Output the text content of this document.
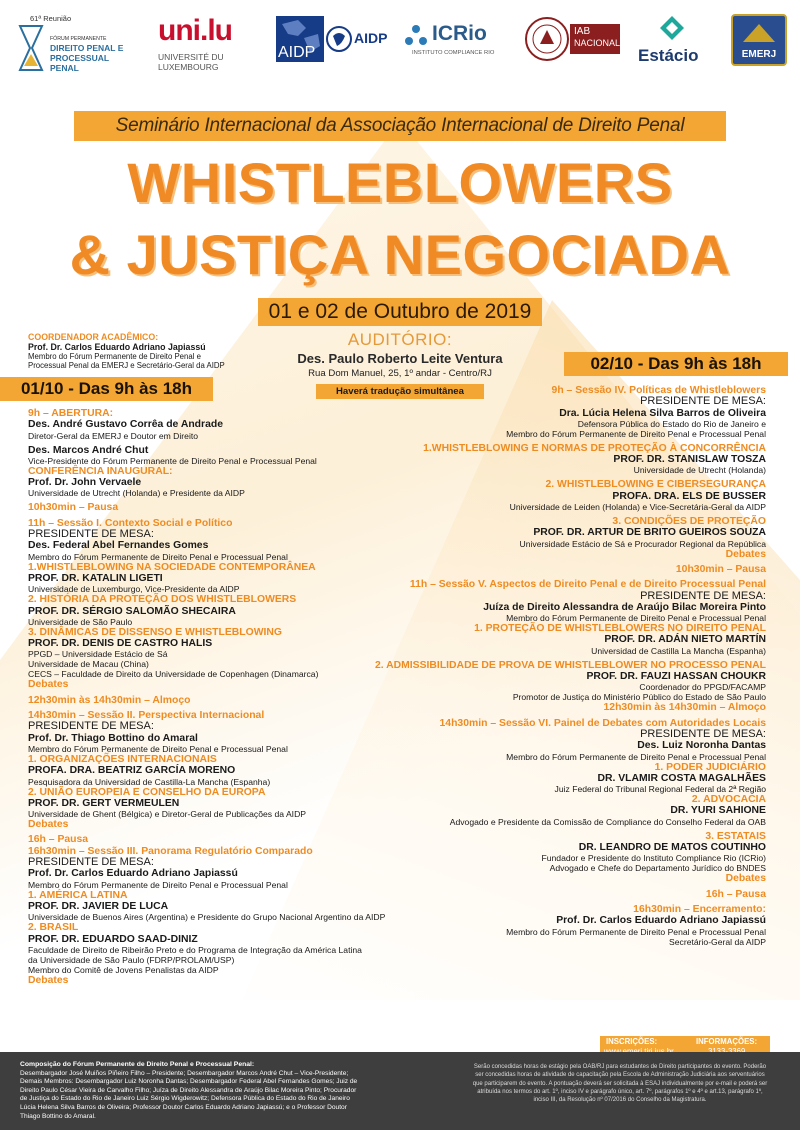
61ª Reunião
FÓRUM PERMANENTE
DIREITO PENAL E
PROCESSUAL PENAL
uni.lu
UNIVERSITÉ DU
LUXEMBOURG
AIDP
AIDP ICRio
INSTITUTO COMPLIANCE RIO
IAB
NACIONAL
Estácio	EMERJ
Seminário Internacional da Associação Internacional de Direito Penal
WHISTLEBLOWERS
& JUSTIÇA NEGOCIADA
01 e 02 de Outubro de 2019
AUDITÓRIO:
Des. Paulo Roberto Leite Ventura
Rua Dom Manuel, 25, 1º andar - Centro/RJ
Haverá tradução simultânea
COORDENADOR ACADÊMICO:
Prof. Dr. Carlos Eduardo Adriano Japiassú
Membro do Fórum Permanente de Direito Penal e
Processual Penal da EMERJ e Secretário-Geral da AIDP
01/10 - Das 9h às 18h
02/10 - Das 9h às 18h
9h – ABERTURA:
Des. André Gustavo Corrêa de Andrade
Diretor-Geral da EMERJ e Doutor em Direito
Des. Marcos André Chut
Vice-Presidente do Fórum Permanente de Direito Penal e Processual Penal
CONFERÊNCIA INAUGURAL:
Prof. Dr. John Vervaele
Universidade de Utrecht (Holanda) e Presidente da AIDP
10h30min – Pausa
11h – Sessão I. Contexto Social e Político
PRESIDENTE DE MESA:
Des. Federal Abel Fernandes Gomes
Membro do Fórum Permanente de Direito Penal e Processual Penal
1.WHISTLEBLOWING NA SOCIEDADE CONTEMPORÂNEA
PROF. DR. KATALIN LIGETI
Universidade de Luxemburgo, Vice-Presidente da AIDP
2. HISTÓRIA DA PROTEÇÃO DOS WHISTLEBLOWERS
PROF. DR. SÉRGIO SALOMÃO SHECAIRA
Universidade de São Paulo
3. DINÂMICAS DE DISSENSO E WHISTLEBLOWING
PROF. DR. DENIS DE CASTRO HALIS
PPGD – Universidade Estácio de Sá
Universidade de Macau (China)
CECS – Faculdade de Direito da Universidade de Copenhagen (Dinamarca)
Debates
12h30min às 14h30min – Almoço
14h30min – Sessão II. Perspectiva Internacional
PRESIDENTE DE MESA:
Prof. Dr. Thiago Bottino do Amaral
Membro do Fórum Permanente de Direito Penal e Processual Penal
1. ORGANIZAÇÕES INTERNACIONAIS
PROFA. DRA. BEATRIZ GARCÍA MORENO
Pesquisadora da Universidad de Castilla-La Mancha (Espanha)
2. UNIÃO EUROPEIA E CONSELHO DA EUROPA
PROF. DR. GERT VERMEULEN
Universidade de Ghent (Bélgica) e Diretor-Geral de Publicações da AIDP
Debates
16h – Pausa
16h30min – Sessão III. Panorama Regulatório Comparado
PRESIDENTE DE MESA:
Prof. Dr. Carlos Eduardo Adriano Japiassú
Membro do Fórum Permanente de Direito Penal e Processual Penal
1. AMÉRICA LATINA
PROF. DR. JAVIER DE LUCA
Universidade de Buenos Aires (Argentina) e Presidente do Grupo Nacional Argentino da AIDP
2. BRASIL
PROF. DR. EDUARDO SAAD-DINIZ
Faculdade de Direito de Ribeirão Preto e do Programa de Integração da América Latina
da Universidade de São Paulo (FDRP/PROLAM/USP)
Membro do Comitê de Jovens Penalistas da AIDP
Debates
9h – Sessão IV. Políticas de Whistleblowers
PRESIDENTE DE MESA:
Dra. Lúcia Helena Silva Barros de Oliveira
Defensora Pública do Estado do Rio de Janeiro e
Membro do Fórum Permanente de Direito Penal e Processual Penal
1.WHISTLEBLOWING E NORMAS DE PROTEÇÃO À CONCORRÊNCIA
PROF. DR. STANISLAW TOSZA
Universidade de Utrecht (Holanda)
2. WHISTLEBLOWING E CIBERSEGURANÇA
PROFA. DRA. ELS DE BUSSER
Universidade de Leiden (Holanda) e Vice-Secretária-Geral da AIDP
3. CONDIÇÕES DE PROTEÇÃO
PROF. DR. ARTUR DE BRITO GUEIROS SOUZA
Universidade Estácio de Sá e Procurador Regional da República
Debates
10h30min – Pausa
11h – Sessão V. Aspectos de Direito Penal e de Direito Processual Penal
PRESIDENTE DE MESA:
Juíza de Direito Alessandra de Araújo Bilac Moreira Pinto
Membro do Fórum Permanente de Direito Penal e Processual Penal
1. PROTEÇÃO DE WHISTLEBLOWERS NO DIREITO PENAL
PROF. DR. ADÁN NIETO MARTÍN
Universidad de Castilla La Mancha (Espanha)
2. ADMISSIBILIDADE DE PROVA DE WHISTLEBLOWER NO PROCESSO PENAL
PROF. DR. FAUZI HASSAN CHOUKR
Coordenador do PPGD/FACAMP
Promotor de Justiça do Ministério Público do Estado de São Paulo
12h30min às 14h30min – Almoço
14h30min – Sessão VI. Painel de Debates com Autoridades Locais
PRESIDENTE DE MESA:
Des. Luiz Noronha Dantas
Membro do Fórum Permanente de Direito Penal e Processual Penal
1. PODER JUDICIÁRIO
DR. VLAMIR COSTA MAGALHÃES
Juiz Federal do Tribunal Regional Federal da 2ª Região
2. ADVOCACIA
DR. YURI SAHIONE
Advogado e Presidente da Comissão de Compliance do Conselho Federal da OAB
3. ESTATAIS
DR. LEANDRO DE MATOS COUTINHO
Fundador e Presidente do Instituto Compliance Rio (ICRio)
Advogado e Chefe do Departamento Jurídico do BNDES
Debates
16h – Pausa
16h30min – Encerramento:
Prof. Dr. Carlos Eduardo Adriano Japiassú
Membro do Fórum Permanente de Direito Penal e Processual Penal
Secretário-Geral da AIDP
INSCRIÇÕES:	INFORMAÇÕES:
Composição do Fórum Permanente de Direito Penal e Processual Penal:
Desembargador José Muiños Piñeiro Filho – Presidente; Desembargador Marcos André Chut – Vice-Presidente; Demais Membros: Desembargador Luiz Noronha Dantas; Desembargador Federal Abel Fernandes Gomes; Juiz de Direito Paulo César Vieira de Carvalho Filho; Juíza de Direito Alessandra de Araújo Bilac Moreira Pinto; Procurador de Justiça do Estado do Rio de Janeiro Luiz Sérgio Wigderowitz; Defensora Pública do Estado do Rio de Janeiro Lúcia Helena Silva Barros de Oliveira; Professor Doutor Carlos Eduardo Adriano Japiassú; e o Professor Doutor Thiago Bottino do Amaral.
Serão concedidas horas de estágio pela OAB/RJ para estudantes de Direito participantes do evento. Poderão ser concedidas horas de atividade de capacitação pela Escola de Administração Judiciária aos serventuários que participarem do evento. A pontuação deverá ser solicitada à ESAJ individualmente por e-mail e poderá ser atribuída nos termos do art. 1º, inciso IV e parágrafo único, art. 7º, parágrafos 1º e 4º e art.13, parágrafo 1º, inciso III, da Resolução nº 07/2016 do Conselho da Magistratura.
